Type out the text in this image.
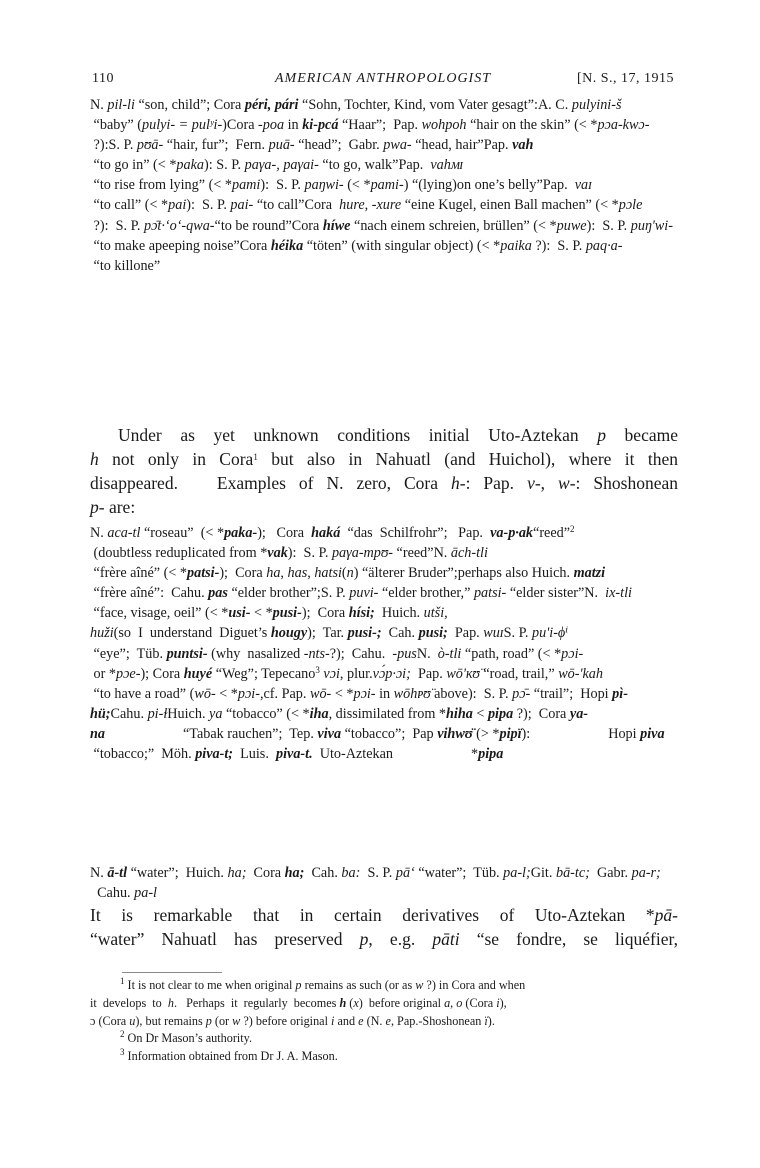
110	AMERICAN ANTHROPOLOGIST	[N. S., 17, 1915
N. pil-li “son, child”; Cora péri, pári “Sohn, Tochter, Kind, vom Vater gesagt”:A. C. pulyini-š “baby” (pulyi- = pulʸi-)Cora -poa in ki-pcá “Haar”;  Pap. wohpoh “hair on the skin” (< *pɔa-kwɔ- ?):S. P. pʊā- “hair, fur”;  Fern. puā- “head”;  Gabr. pwa- “head, hair”Pap. vah “to go in” (< *paka): S. P. paγa-, paγai- “to go, walk”Pap.  vahᴍɪ “to rise from lying” (< *pami):  S. P. paŋwi- (< *pami-) “(lying)on one’s belly”Pap.  vaɪ “to call” (< *pai):  S. P. pai- “to call”Cora  hure, -xure “eine Kugel, einen Ball machen” (< *pɔle ?):  S. P. pɔ̄t·ʻoʻ-qwa-“to be round”Cora híwe “nach einem schreien, brüllen” (< *puwe):  S. P. puŋ'wi- “to make apeeping noise”Cora héika “töten” (with singular object) (< *paika ?):  S. P. paq·a- “to killone”
Under as yet unknown conditions initial Uto-Aztekan p became
h not only in Cora$^1$ but also in Nahuatl (and Huichol), where it then
disappeared.   Examples of N. zero, Cora h-: Pap. v-, w-: Shoshonean
p- are:
N. aca-tl “roseau”  (< *paka-);   Cora  haká  “das  Schilfrohr”;   Pap.  va-p·ak“reed”$^2$ (doubtless reduplicated from *vak):  S. P. paγa-mpʊ- “reed”N. āch-tli “frère aîné” (< *patsi-);  Cora ha, has, hatsi(n) “älterer Bruder”;perhaps also Huich. matzi “frère aîné”:  Cahu. pas “elder brother”;S. P. puvi- “elder brother,” patsi- “elder sister”N.  ix-tli “face, visage, oeil” (< *usi- < *pusi-);  Cora hísi;  Huich. utši, huži(so  I  understand  Diguet’s hougy);  Tar. pusi-;  Cah. pusi;  Pap. wuɪS. P. pu'i-ϕⁱ “eye”;  Tüb. puntsi- (why  nasalized -nts-?);  Cahu.  -pusN.  ò-tli “path, road” (< *pɔi- or *pɔe-); Cora huyé “Weg”; Tepecano$^3$ vɔi, plur.vɔ́p·ɔi;  Pap. wō'ᴋʊ̈ “road, trail,” wō-'kah “to have a road” (wō- < *pɔi-,cf. Pap. wō- < *pɔi- in wōhᴘʊ̈ above):  S. P. pɔ̄- “trail”;  Hopi pì-hü;Cahu. pi-ɫHuich. ya “tobacco” (< *iha, dissimilated from *hiha < pipa ?);  Cora ya-na	“Tabak rauchen”;  Tep. viva “tobacco”;  Pap vihwʊ̈ (> *pipï):	Hopi piva “tobacco;”  Möh. piva-t;  Luis.  piva-t.  Uto-Aztekan	*pipa
N. ā-tl “water”;  Huich. ha;  Cora ha;  Cah. ba:  S. P. pāʻ “water”;  Tüb. pa-l;Git. bā-tc;  Gabr. pa-r;  Cahu. pa-l
It  is  remarkable  that  in  certain  derivatives  of  Uto-Aztekan  *pā-
“water” Nahuatl has preserved p, e.g. pāti “se fondre, se liquéfier,
$^1$ It is not clear to me when original p remains as such (or as w ?) in Cora and when
it  develops  to  h.   Perhaps  it  regularly  becomes h (x)  before original a, o (Cora i),
ɔ (Cora u), but remains p (or w ?) before original i and e (N. e, Pap.-Shoshonean ï).
$^2$ On Dr Mason’s authority.
$^3$ Information obtained from Dr J. A. Mason.
